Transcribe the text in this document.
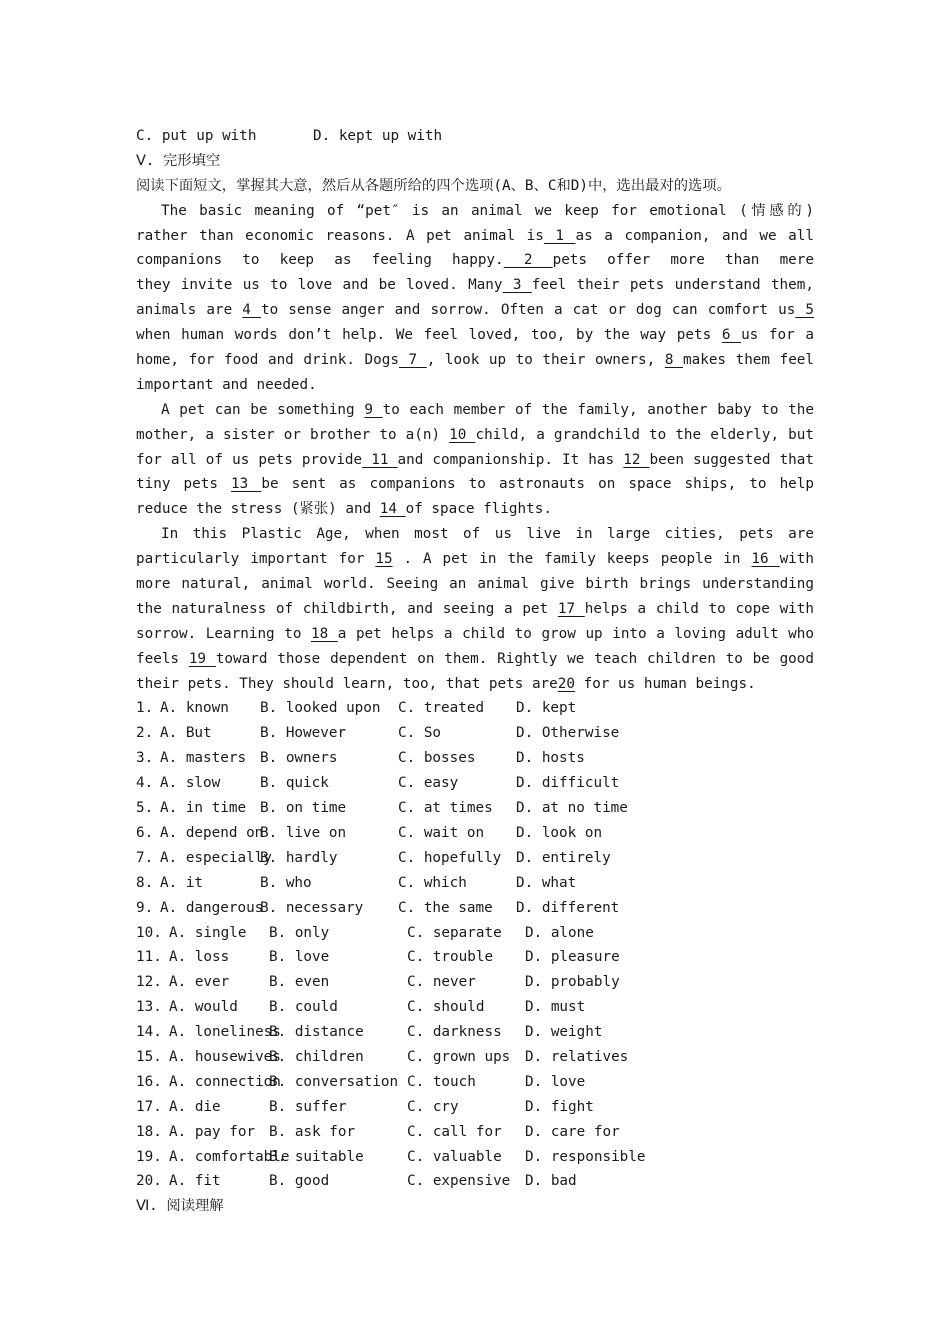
C. put up with	D. kept up with
Ⅴ. 完形填空
阅读下面短文，掌握其大意，然后从各题所给的四个选项(A、B、C和D)中，选出最对的选项。
The basic meaning of “pet″ is an animal we keep for emotional (情感的)
rather than economic reasons. A pet animal is 1 as a companion, and we all
companions to keep as feeling happy. 2 pets offer more than mere
they invite us to love and be loved. Many 3 feel their pets understand them,
animals are 4 to sense anger and sorrow. Often a cat or dog can comfort us 5
when human words don’t help. We feel loved, too, by the way pets 6 us for a
home, for food and drink. Dogs 7 , look up to their owners, 8 makes them feel
important and needed.
A pet can be something 9 to each member of the family, another baby to the
mother, a sister or brother to a(n) 10 child, a grandchild to the elderly, but
for all of us pets provide 11 and companionship. It has 12 been suggested that
tiny pets 13 be sent as companions to astronauts on space ships, to help
reduce the stress (紧张) and 14 of space flights.
In this Plastic Age, when most of us live in large cities, pets are
particularly important for 15 . A pet in the family keeps people in 16 with
more natural, animal world. Seeing an animal give birth brings understanding
the naturalness of childbirth, and seeing a pet 17 helps a child to cope with
sorrow. Learning to 18 a pet helps a child to grow up into a loving adult who
feels 19 toward those dependent on them. Rightly we teach children to be good
their pets. They should learn, too, that pets are20 for us human beings.
1. A. known B. looked upon C. treated D. kept
2. A. But	B. However	C. So	D. Otherwise
3. A. masters B. owners	C. bosses	D. hosts
4. A. slow	B. quick	C. easy	D. difficult
5. A. in time B. on time	C. at times D. at no time
6. A. depend onB. live on	C. wait on D. look on
7. A. especiallyB. hardly	C. hopefully D. entirely
8. A. it	B. who	C. which	D. what
9. A. dangerousB. necessary C. the same D. different
10. A. single B. only	C. separate D. alone
11. A. loss	B. love	C. trouble D. pleasure
12. A. ever	B. even	C. never	D. probably
13. A. would B. could	C. should	D. must
14. A. lonelinessB. distance	C. darkness D. weight
15. A. housewivesB. children	C. grown ups D. relatives
16. A. connectionB. conversation C. touch	D. love
17. A. die	B. suffer	C. cry	D. fight
18. A. pay for B. ask for	C. call for D. care for
19. A. comfortableB. suitable	C. valuable D. responsible
20. A. fit	B. good	C. expensive D. bad
Ⅵ. 阅读理解
